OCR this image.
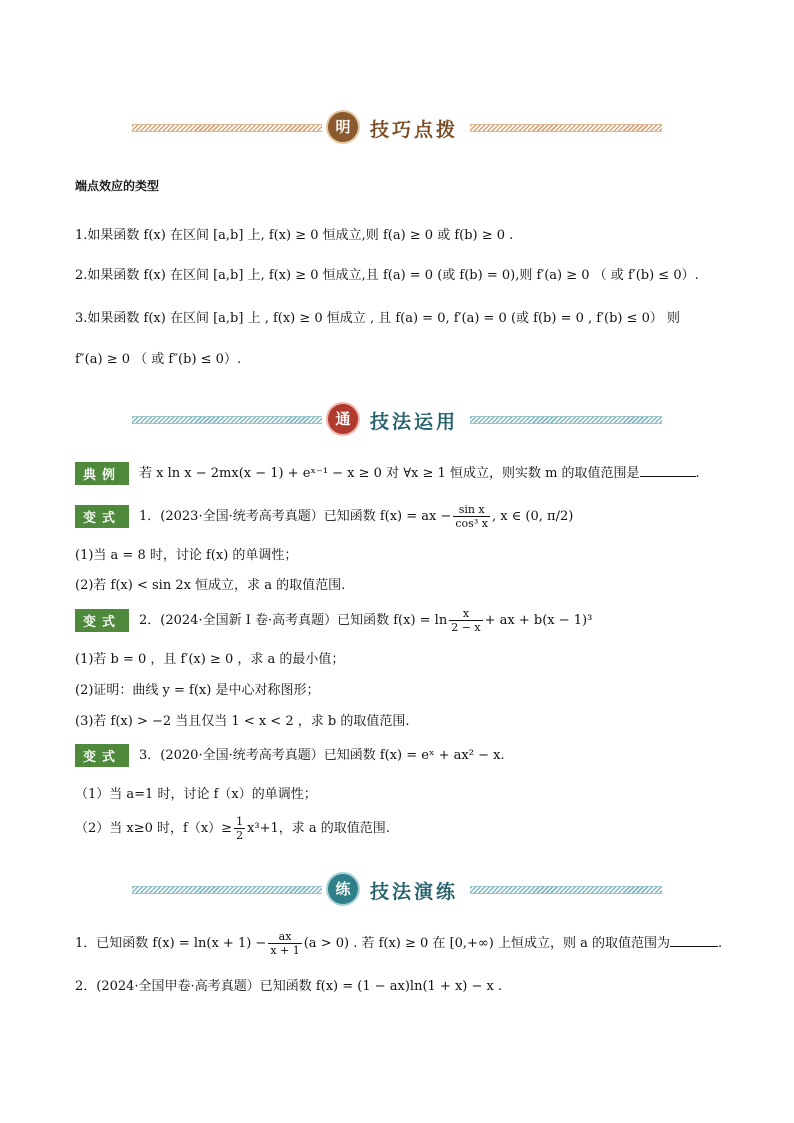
明	技巧点拨
端点效应的类型
1.如果函数 f(x) 在区间 [a,b] 上, f(x) ≥ 0 恒成立,则 f(a) ≥ 0 或 f(b) ≥ 0 .
2.如果函数 f(x) 在区间 [a,b] 上, f(x) ≥ 0 恒成立,且 f(a) = 0 (或 f(b) = 0),则 f′(a) ≥ 0 （ 或 f′(b) ≤ 0）.
3.如果函数 f(x) 在区间 [a,b] 上 , f(x) ≥ 0 恒成立 , 且 f(a) = 0, f′(a) = 0 (或 f(b) = 0 , f′(b) ≤ 0） 则
f″(a) ≥ 0 （ 或 f″(b) ≤ 0）.
通	技法运用
典例 若 x ln x − 2mx(x − 1) + eˣ⁻¹ − x ≥ 0 对 ∀x ≥ 1 恒成立，则实数 m 的取值范围是	.
变式 1．(2023·全国·统考高考真题）已知函数 f(x) = ax − $\frac{\text{sin x}}{\text{cos³ x}}$ , x ∈ (0, π/2)
(1)当 a = 8 时，讨论 f(x) 的单调性；
(2)若 f(x) < sin 2x 恒成立，求 a 的取值范围.
变式 2．(2024·全国新 I 卷·高考真题）已知函数 $f(x) = \ln \frac{x}{2 - x}$ + ax + b(x − 1)³
(1)若 b = 0 ，且 f′(x) ≥ 0 ，求 a 的最小值；
(2)证明：曲线 y = f(x) 是中心对称图形；
(3)若 f(x) > −2 当且仅当 1 < x < 2 ，求 b 的取值范围.
变式 3．(2020·全国·统考高考真题）已知函数 f(x) = eˣ + ax² − x.
（1）当 a=1 时，讨论 f（x）的单调性；
（2）当 x≥0 时，$f(x)\ge \frac{1}{2} x^3+1$，求 a 的取值范围.
练	技法演练
1．已知函数 $f(x) = \ln(x + 1) - \frac{ax}{x + 1} (a > 0)$ . 若 f(x) ≥ 0 在 [0,+∞) 上恒成立，则 a 的取值范围为	.
2．(2024·全国甲卷·高考真题）已知函数 f(x) = (1 − ax)ln(1 + x) − x .
